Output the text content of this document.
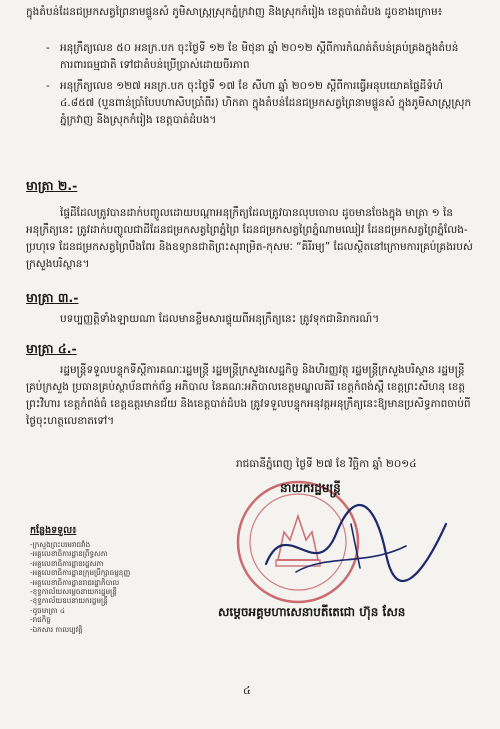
ក្នុងតំបន់ដែនជម្រកសត្វព្រៃនាមផ្ទួនសំ ភូមិសាស្ត្រស្រុកភ្នំក្រវាញ និងស្រុកកំរៀង ខេត្តបាត់ដំបង ដូចខាងក្រោម៖
- អនុក្រឹត្យលេខ ៥០ អនក្រ.បក ចុះថ្ងៃទី ១២ ខែ មិថុនា ឆ្នាំ ២០១២ ស្តីពីការកំណត់តំបន់គ្រប់គ្រងក្នុងតំបន់ការពារធម្មជាតិ ទៅជាតំបន់ប្រើប្រាស់ដោយចីរភាព
- អនុក្រឹត្យលេខ ១២៧ អនក្រ.បក ចុះថ្ងៃទី ១៧ ខែ សីហា ឆ្នាំ ២០១២ ស្តីពីការធ្វើអនុបយោគផ្ទៃដីទំហំ ៤.៨៥៧ (បួនពាន់ប្រាំបែបហាសិបប្រាំពីរ) ហិកតា ក្នុងតំបន់ដែនជម្រកសត្វព្រៃនាមផ្ទួនសំ ក្នុងភូមិសាស្ត្រស្រុកភ្នំក្រវាញ និងស្រុកកំរៀង ខេត្តបាត់ដំបង។
មាត្រា ២.-
ផ្ទៃដីដែលត្រូវបានដាក់បញ្ចូលដោយបណ្តាអនុក្រឹត្យដែលត្រូវបានលុបចោល ដូចមានចែងក្នុង មាត្រា ១ នៃអនុក្រឹត្យនេះ ត្រូវដាក់បញ្ចូលជាដីដែនជម្រកសត្វព្រៃភ្នំព្រៃ ដែនជម្រកសត្វព្រៃភ្នំណាមឈៀវ ដែនជម្រកសត្វព្រៃភ្នំលែង-ប្រហុទេ ដែនជម្រកសត្វព្រៃបឹងពែរ និងឧទ្យានជាតិព្រះសុរាម្រិត-កុសមៈ “គិរីរម្យ” ដែលស្ថិតនៅក្រោមការគ្រប់គ្រងរបស់ក្រសួងបរិស្ថាន។
មាត្រា ៣.-
បទប្បញ្ញត្តិទាំងឡាយណា ដែលមានខ្លឹមសារផ្ទុយពីអនុក្រឹត្យនេះ ត្រូវទុកជានិរាករណ៍។
មាត្រា ៤.-
រដ្ឋមន្ត្រីទទួលបន្ទុកទីស្តីការគណៈរដ្ឋមន្ត្រី រដ្ឋមន្ត្រីក្រសួងសេដ្ឋកិច្ច និងហិរញ្ញវត្ថុ រដ្ឋមន្ត្រីក្រសួងបរិស្ថាន រដ្ឋមន្ត្រីគ្រប់ក្រសួង ប្រធានគ្រប់ស្ថាប័នពាក់ព័ន្ធ អភិបាល នៃគណៈអភិបាលខេត្តមណ្ឌលគិរី ខេត្តកំពង់ស្ពឺ ខេត្តព្រះសីហនុ ខេត្តព្រះវិហារ ខេត្តកំពង់ធំ ខេត្តឧត្តរមានជ័យ និងខេត្តបាត់ដំបង ត្រូវទទួលបន្ទុកអនុវត្តអនុក្រឹត្យនេះឱ្យមានប្រសិទ្ធភាពចាប់ពីថ្ងៃចុះហត្ថលេខាតទៅ។
រាជធានីភ្នំពេញ ថ្ងៃទី ២៧ ខែ វិច្ឆិកា ឆ្នាំ ២០១៤
នាយករដ្ឋមន្ត្រី
សម្តេចអគ្គមហាសេនាបតីតេជោ ហ៊ុន សែន
កន្លែងទទួល៖
-ក្រសួងព្រះបរមរាជវាំង
-អគ្គលេខាធិការដ្ឋានព្រឹទ្ធសភា
-អគ្គលេខាធិការដ្ឋានរដ្ឋសភា
-អគ្គលេខាធិការដ្ឋានក្រុមប្រឹក្សាធម្មនុញ្ញ
-អគ្គលេខាធិការដ្ឋានរាជរដ្ឋាភិបាល
-ខុទ្ទកាល័យសម្តេចនាយករដ្ឋមន្ត្រី
-ខុទ្ទកាល័យឧបនាយករដ្ឋមន្ត្រី
-ដូចមាត្រា ៤
-រាជកិច្ច
-ឯកសារ កាលប្បវត្តិ
៤
